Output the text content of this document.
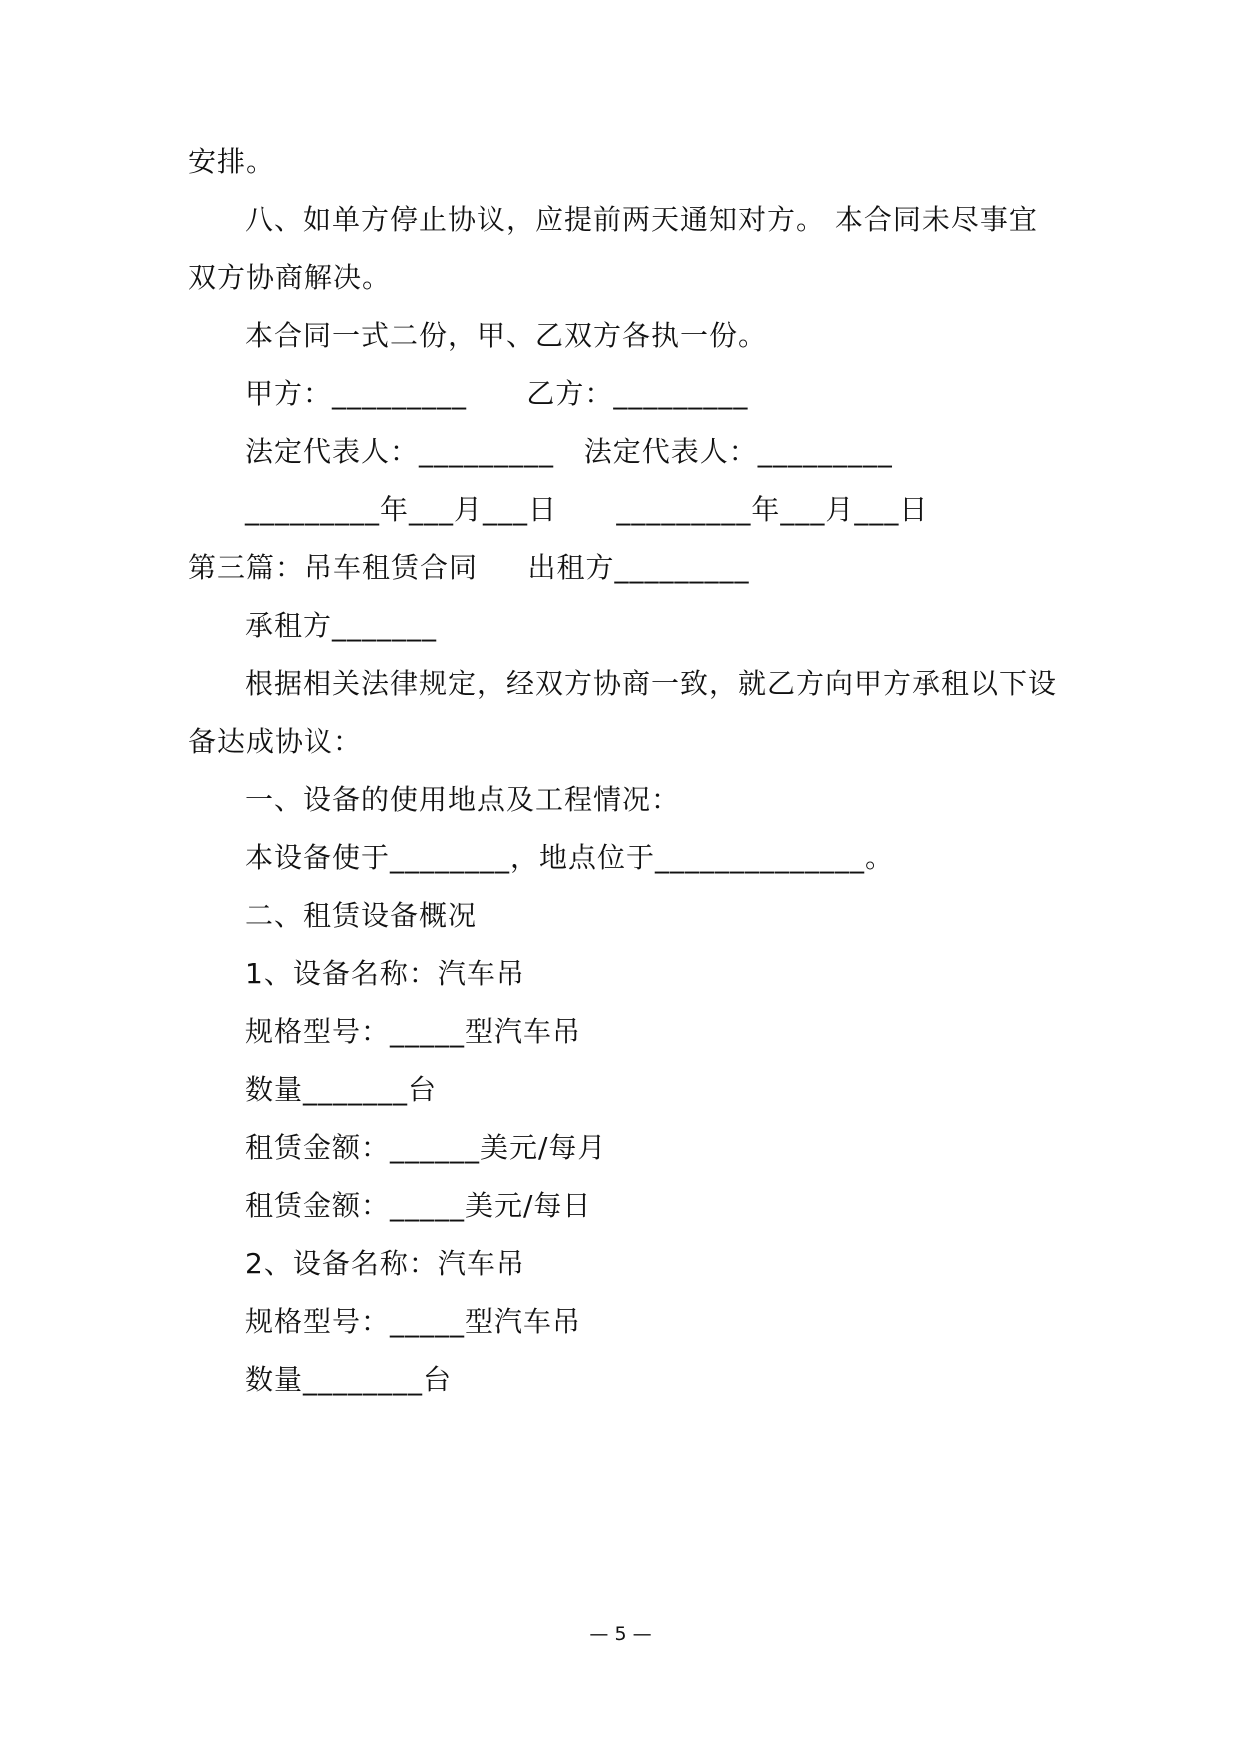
安排。
八、如单方停止协议，应提前两天通知对方。 本合同未尽事宜
双方协商解决。
本合同一式二份，甲、乙双方各执一份。
甲方：_________      乙方：_________
法定代表人：_________   法定代表人：_________
_________年___月___日      _________年___月___日
第三篇：吊车租赁合同     出租方_________
承租方_______
根据相关法律规定，经双方协商一致，就乙方向甲方承租以下设
备达成协议：
一、设备的使用地点及工程情况：
本设备使于________，地点位于______________。
二、租赁设备概况
1、设备名称：汽车吊
规格型号：_____型汽车吊
数量_______台
租赁金额：______美元/每月
租赁金额：_____美元/每日
2、设备名称：汽车吊
规格型号：_____型汽车吊
数量________台
— 5 —
